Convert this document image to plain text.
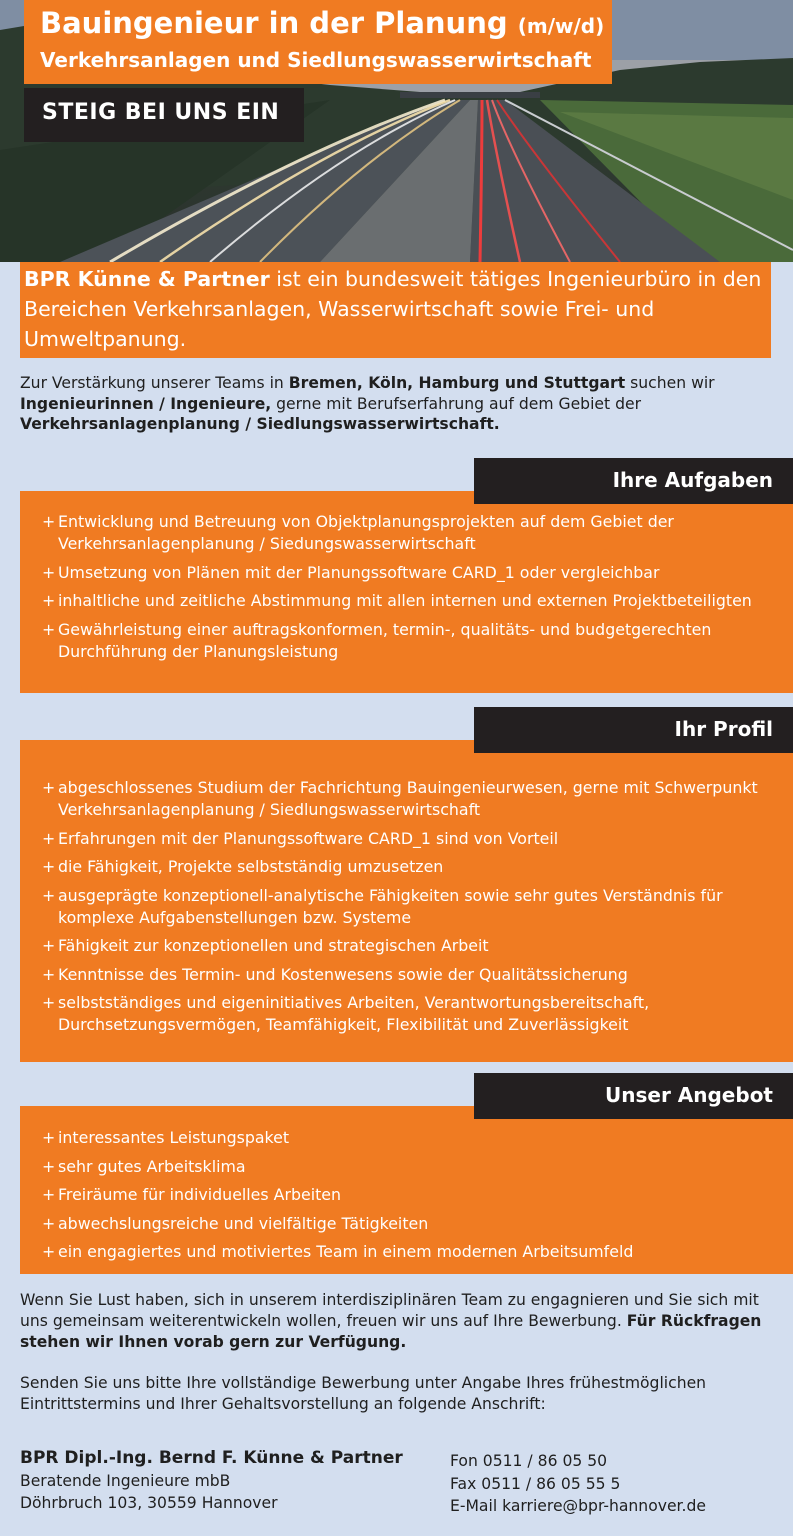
Bauingenieur in der Planung (m/w/d)
Verkehrsanlagen und Siedlungswasserwirtschaft
STEIG BEI UNS EIN
BPR Künne & Partner ist ein bundesweit tätiges Ingenieurbüro in den Bereichen Verkehrsanlagen, Wasserwirtschaft sowie Frei- und Umweltpanung.
Zur Verstärkung unserer Teams in Bremen, Köln, Hamburg und Stuttgart suchen wir Ingenieurinnen / Ingenieure, gerne mit Berufserfahrung auf dem Gebiet der Verkehrsanlagenplanung / Siedlungswasserwirtschaft.
Ihre Aufgaben
+ Entwicklung und Betreuung von Objektplanungsprojekten auf dem Gebiet der Verkehrsanlagenplanung / Siedungswasserwirtschaft
+ Umsetzung von Plänen mit der Planungssoftware CARD_1 oder vergleichbar
+ inhaltliche und zeitliche Abstimmung mit allen internen und externen Projektbeteiligten
+ Gewährleistung einer auftragskonformen, termin-, qualitäts- und budgetgerechten Durchführung der Planungsleistung
Ihr Profil
+ abgeschlossenes Studium der Fachrichtung Bauingenieurwesen, gerne mit Schwerpunkt Verkehrsanlagenplanung / Siedlungswasserwirtschaft
+ Erfahrungen mit der Planungssoftware CARD_1 sind von Vorteil
+ die Fähigkeit, Projekte selbstständig umzusetzen
+ ausgeprägte konzeptionell-analytische Fähigkeiten sowie sehr gutes Verständnis für komplexe Aufgabenstellungen bzw. Systeme
+ Fähigkeit zur konzeptionellen und strategischen Arbeit
+ Kenntnisse des Termin- und Kostenwesens sowie der Qualitätssicherung
+ selbstständiges und eigeninitiatives Arbeiten, Verantwortungsbereitschaft, Durchsetzungsvermögen, Teamfähigkeit, Flexibilität und Zuverlässigkeit
Unser Angebot
+ interessantes Leistungspaket
+ sehr gutes Arbeitsklima
+ Freiräume für individuelles Arbeiten
+ abwechslungsreiche und vielfältige Tätigkeiten
+ ein engagiertes und motiviertes Team in einem modernen Arbeitsumfeld

Wenn Sie Lust haben, sich in unserem interdisziplinären Team zu engagnieren und Sie sich mit uns gemeinsam weiterentwickeln wollen, freuen wir uns auf Ihre Bewerbung. Für Rückfragen stehen wir Ihnen vorab gern zur Verfügung.

Senden Sie uns bitte Ihre vollständige Bewerbung unter Angabe Ihres frühestmöglichen Eintrittstermins und Ihrer Gehaltsvorstellung an folgende Anschrift:

BPR Dipl.-Ing. Bernd F. Künne & Partner
Beratende Ingenieure mbB
Döhrbruch 103, 30559 Hannover
Fon 0511 / 86 05 50
Fax 0511 / 86 05 55 5
E-Mail karriere@bpr-hannover.de
